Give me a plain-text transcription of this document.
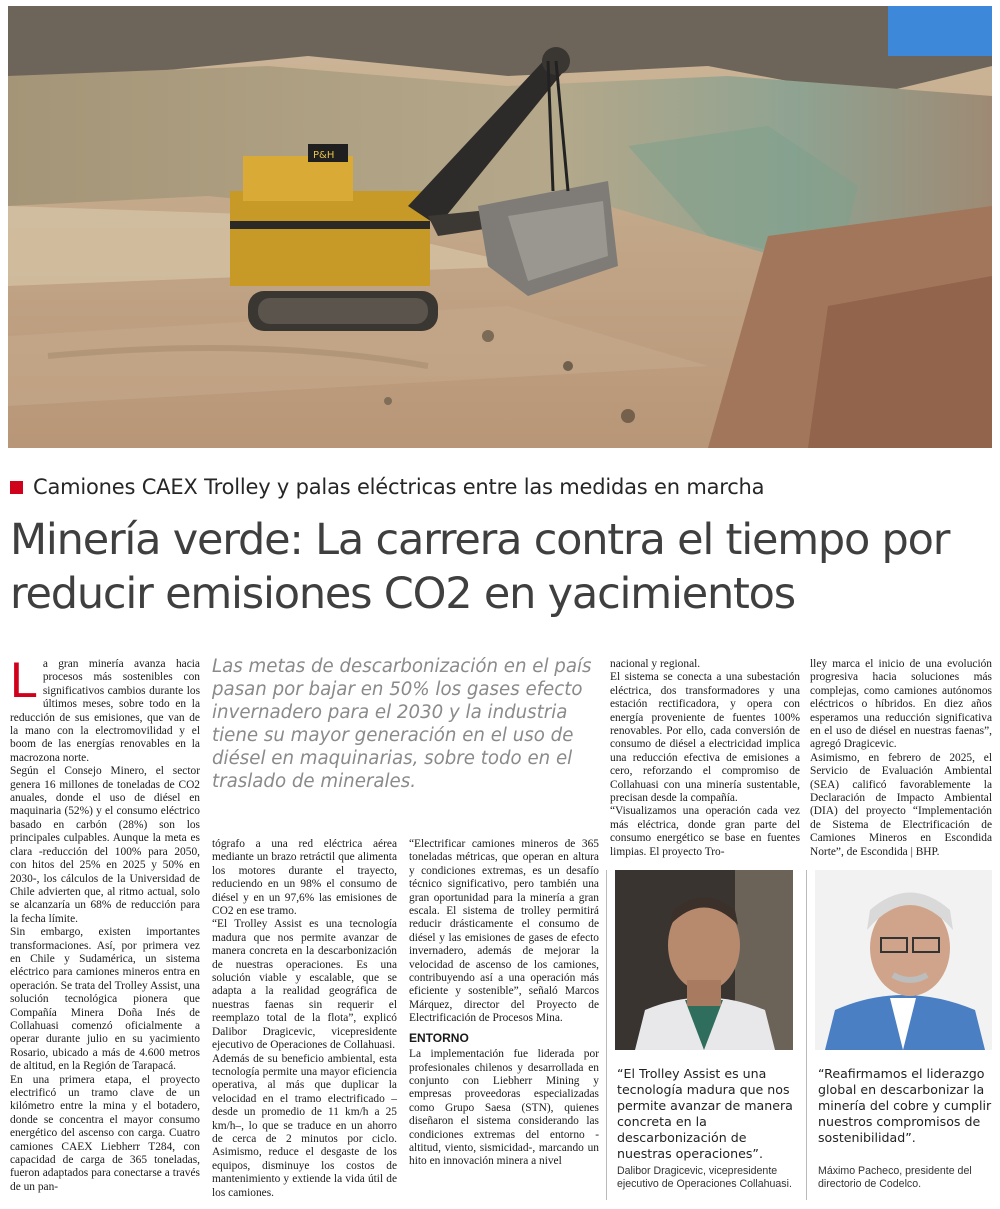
P&H
Camiones CAEX Trolley y palas eléctricas entre las medidas en marcha
Minería verde: La carrera contra el tiempo por reducir emisiones CO2 en yacimientos
L a gran minería avanza hacia procesos más sostenibles con significativos cambios durante los últimos meses, sobre todo en la reducción de sus emisiones, que van de la mano con la electromovilidad y el boom de las energías renovables en la macrozona norte.

Según el Consejo Minero, el sector genera 16 millones de toneladas de CO2 anuales, donde el uso de diésel en maquinaria (52%) y el consumo eléctrico basado en carbón (28%) son los principales culpables. Aunque la meta es clara -reducción del 100% para 2050, con hitos del 25% en 2025 y 50% en 2030-, los cálculos de la Universidad de Chile advierten que, al ritmo actual, solo se alcanzaría un 68% de reducción para la fecha límite.

Sin embargo, existen importantes transformaciones. Así, por primera vez en Chile y Sudamérica, un sistema eléctrico para camiones mineros entra en operación. Se trata del Trolley Assist, una solución tecnológica pionera que Compañía Minera Doña Inés de Collahuasi comenzó oficialmente a operar durante julio en su yacimiento Rosario, ubicado a más de 4.600 metros de altitud, en la Región de Tarapacá.

En una primera etapa, el proyecto electrificó un tramo clave de un kilómetro entre la mina y el botadero, donde se concentra el mayor consumo energético del ascenso con carga. Cuatro camiones CAEX Liebherr T284, con capacidad de carga de 365 toneladas, fueron adaptados para conectarse a través de un pan-

Las metas de descarbonización en el país pasan por bajar en 50% los gases efecto invernadero para el 2030 y la industria tiene su mayor generación en el uso de diésel en maquinarias, sobre todo en el traslado de minerales.

tógrafo a una red eléctrica aérea mediante un brazo retráctil que alimenta los motores durante el trayecto, reduciendo en un 98% el consumo de diésel y en un 97,6% las emisiones de CO2 en ese tramo.

“El Trolley Assist es una tecnología madura que nos permite avanzar de manera concreta en la descarbonización de nuestras operaciones. Es una solución viable y escalable, que se adapta a la realidad geográfica de nuestras faenas sin requerir el reemplazo total de la flota”, explicó Dalibor Dragicevic, vicepresidente ejecutivo de Operaciones de Collahuasi.

Además de su beneficio ambiental, esta tecnología permite una mayor eficiencia operativa, al más que duplicar la velocidad en el tramo electrificado –desde un promedio de 11 km/h a 25 km/h–, lo que se traduce en un ahorro de cerca de 2 minutos por ciclo. Asimismo, reduce el desgaste de los equipos, disminuye los costos de mantenimiento y extiende la vida útil de los camiones.

“Electrificar camiones mineros de 365 toneladas métricas, que operan en altura y condiciones extremas, es un desafío técnico significativo, pero también una gran oportunidad para la minería a gran escala. El sistema de trolley permitirá reducir drásticamente el consumo de diésel y las emisiones de gases de efecto invernadero, además de mejorar la velocidad de ascenso de los camiones, contribuyendo así a una operación más eficiente y sostenible”, señaló Marcos Márquez, director del Proyecto de Electrificación de Procesos Mina.

ENTORNO

La implementación fue liderada por profesionales chilenos y desarrollada en conjunto con Liebherr Mining y empresas proveedoras especializadas como Grupo Saesa (STN), quienes diseñaron el sistema considerando las condiciones extremas del entorno -altitud, viento, sismicidad-, marcando un hito en innovación minera a nivel

nacional y regional.

El sistema se conecta a una subestación eléctrica, dos transformadores y una estación rectificadora, y opera con energía proveniente de fuentes 100% renovables. Por ello, cada conversión de consumo de diésel a electricidad implica una reducción efectiva de emisiones a cero, reforzando el compromiso de Collahuasi con una minería sustentable, precisan desde la compañía.

“Visualizamos una operación cada vez más eléctrica, donde gran parte del consumo energético se base en fuentes limpias. El proyecto Tro-

lley marca el inicio de una evolución progresiva hacia soluciones más complejas, como camiones autónomos eléctricos o híbridos. En diez años esperamos una reducción significativa en el uso de diésel en nuestras faenas”, agregó Dragicevic.

Asimismo, en febrero de 2025, el Servicio de Evaluación Ambiental (SEA) calificó favorablemente la Declaración de Impacto Ambiental (DIA) del proyecto “Implementación de Sistema de Electrificación de Camiones Mineros en Escondida Norte”, de Escondida | BHP.

“El Trolley Assist es una tecnología madura que nos permite avanzar de manera concreta en la descarbonización de nuestras operaciones”.
Dalibor Dragicevic, vicepresidente ejecutivo de Operaciones Collahuasi.
“Reafirmamos el liderazgo global en descarbonizar la minería del cobre y cumplir nuestros compromisos de sostenibilidad”.
Máximo Pacheco, presidente del directorio de Codelco.
